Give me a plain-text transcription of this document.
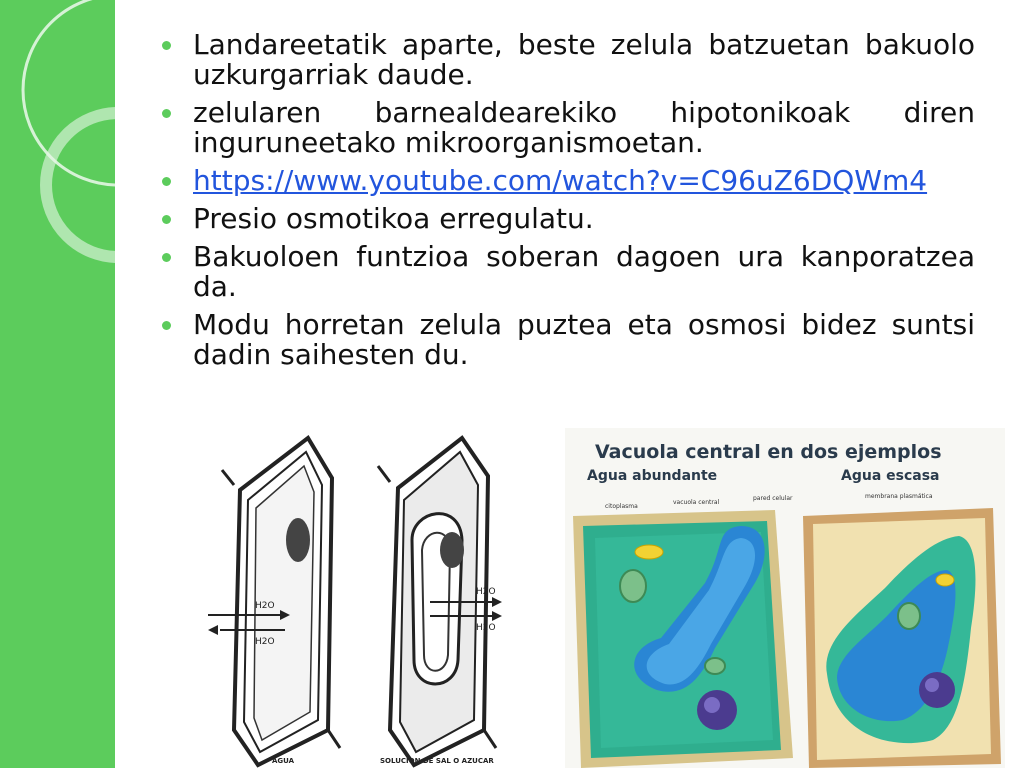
Landareetatik aparte, beste zelula batzuetan bakuolo uzkurgarriak daude.
zelularen barnealdearekiko hipotonikoak diren inguruneetako mikroorganismoetan.
https://www.youtube.com/watch?v=C96uZ6DQWm4
Presio osmotikoa erregulatu.
Bakuoloen funtzioa soberan dagoen ura kanporatzea da.
Modu horretan zelula puztea eta osmosi bidez suntsi dadin saihesten du.
H2O
H2O
H2O
H2O
AGUA	SOLUCION DE SAL O AZUCAR
Vacuola central en dos ejemplos
Agua abundante	Agua escasa
citoplasma
vacuola central
pared celular	membrana plasmática
